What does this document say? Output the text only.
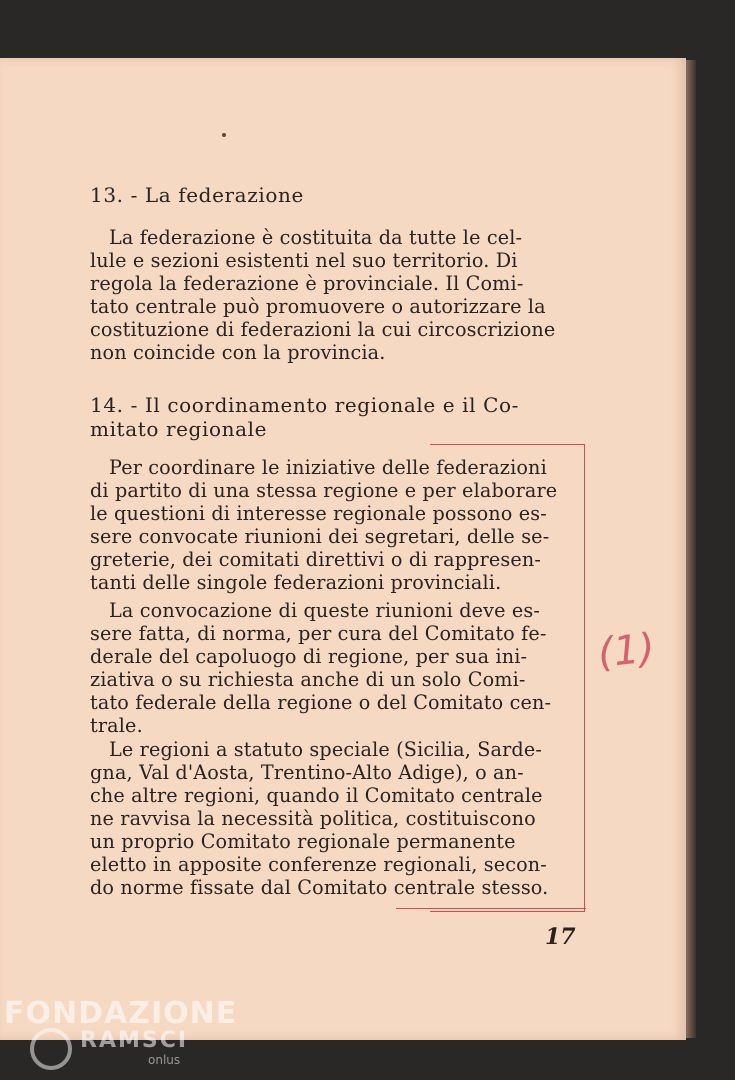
13. - La federazione
La federazione è costituita da tutte le cel-
lule e sezioni esistenti nel suo territorio. Di
regola la federazione è provinciale. Il Comi-
tato centrale può promuovere o autorizzare la
costituzione di federazioni la cui circoscrizione
non coincide con la provincia.
14. - Il coordinamento regionale e il Co-
mitato regionale
Per coordinare le iniziative delle federazioni
di partito di una stessa regione e per elaborare
le questioni di interesse regionale possono es-
sere convocate riunioni dei segretari, delle se-
greterie, dei comitati direttivi o di rappresen-
tanti delle singole federazioni provinciali.
La convocazione di queste riunioni deve es-
sere fatta, di norma, per cura del Comitato fe-
derale del capoluogo di regione, per sua ini-
ziativa o su richiesta anche di un solo Comi-
tato federale della regione o del Comitato cen-
trale.
Le regioni a statuto speciale (Sicilia, Sarde-
gna, Val d'Aosta, Trentino-Alto Adige), o an-
che altre regioni, quando il Comitato centrale
ne ravvisa la necessità politica, costituiscono
un proprio Comitato regionale permanente
eletto in apposite conferenze regionali, secon-
do norme fissate dal Comitato centrale stesso.
(1)
17
FONDAZIONE
RAMSCI
onlus
